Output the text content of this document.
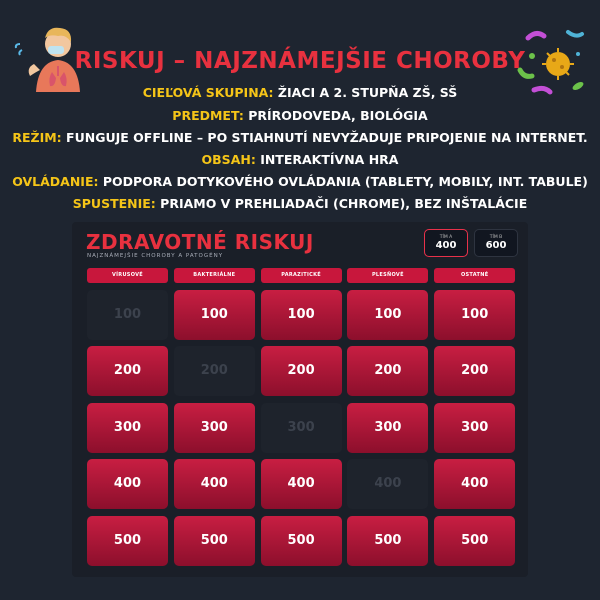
RISKUJ – NAJZNÁMEJŠIE CHOROBY
CIEĽOVÁ SKUPINA: ŽIACI A 2. STUPŇA ZŠ, SŠ
PREDMET: PRÍRODOVEDA, BIOLÓGIA
REŽIM: FUNGUJE OFFLINE – PO STIAHNUTÍ NEVYŽADUJE PRIPOJENIE NA INTERNET.
OBSAH: INTERAKTÍVNA HRA
OVLÁDANIE: PODPORA DOTYKOVÉHO OVLÁDANIA (TABLETY, MOBILY, INT. TABULE)
SPUSTENIE: PRIAMO V PREHLIADAČI (CHROME), BEZ INŠTALÁCIE
ZDRAVOTNÉ RISKUJ
NAJZNÁMEJŠIE CHOROBY A PATOGÉNY
TÍM A
400
TÍM B
600
VÍRUSOVÉ
100
200
300
400
500
BAKTERIÁLNE
100
200
300
400
500
PARAZITICKÉ
100
200
300
400
500
PLESŇOVÉ
100
200
300
400
500
OSTATNÉ
100
200
300
400
500
